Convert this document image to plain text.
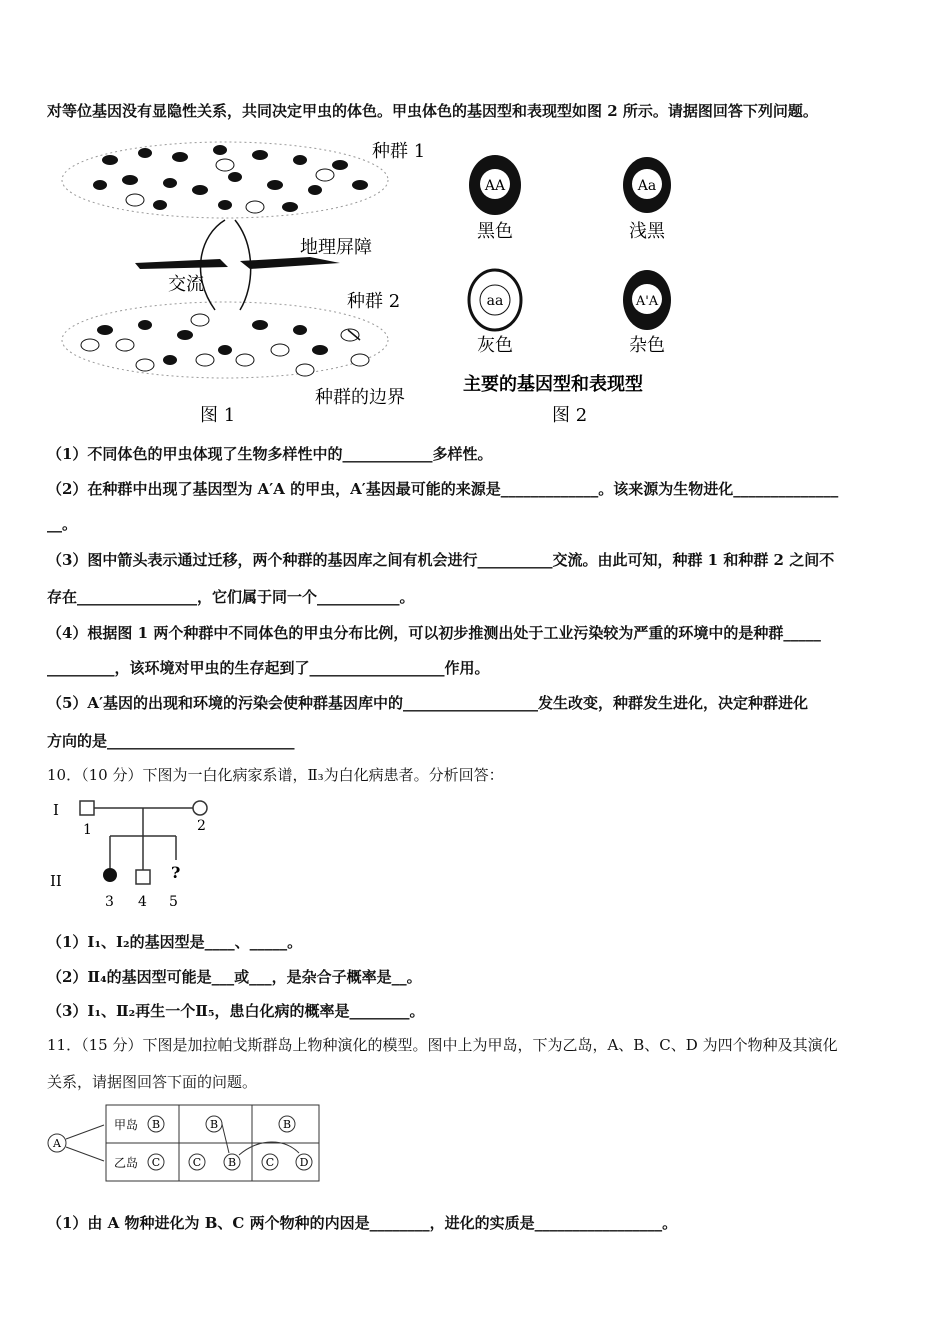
对等位基因没有显隐性关系，共同决定甲虫的体色。甲虫体色的基因型和表现型如图 2 所示。请据图回答下列问题。
种群 1
地理屏障
交流
种群 2
种群的边界
图 1
AA
黑色
Aa
浅黑
aa
灰色
A'A
杂色
主要的基因型和表现型
图 2
（1）不同体色的甲虫体现了生物多样性中的____________多样性。
（2）在种群中出现了基因型为 A′A 的甲虫，A′基因最可能的来源是_____________。该来源为生物进化______________
__。
（3）图中箭头表示通过迁移，两个种群的基因库之间有机会进行__________交流。由此可知，种群 1 和种群 2 之间不
存在________________，它们属于同一个___________。
（4）根据图 1 两个种群中不同体色的甲虫分布比例，可以初步推测出处于工业污染较为严重的环境中的是种群_____
_________，该环境对甲虫的生存起到了__________________作用。
（5）A′基因的出现和环境的污染会使种群基因库中的__________________发生改变，种群发生进化，决定种群进化
方向的是_________________________
10．（10 分）下图为一白化病家系谱，Ⅱ₃为白化病患者。分析回答：
I
II	?
1	2
3 4 5
（1）Ⅰ₁、Ⅰ₂的基因型是____、_____。
（2）Ⅱ₄的基因型可能是___或___，是杂合子概率是__。
（3）Ⅰ₁、Ⅱ₂再生一个Ⅱ₅，患白化病的概率是________。
11．（15 分）下图是加拉帕戈斯群岛上物种演化的模型。图中上为甲岛，下为乙岛，A、B、C、D 为四个物种及其演化
关系，请据图回答下面的问题。
A
甲岛
乙岛
B
C
B
C B
B
C D
（1）由 A 物种进化为 B、C 两个物种的内因是________，进化的实质是_________________。
